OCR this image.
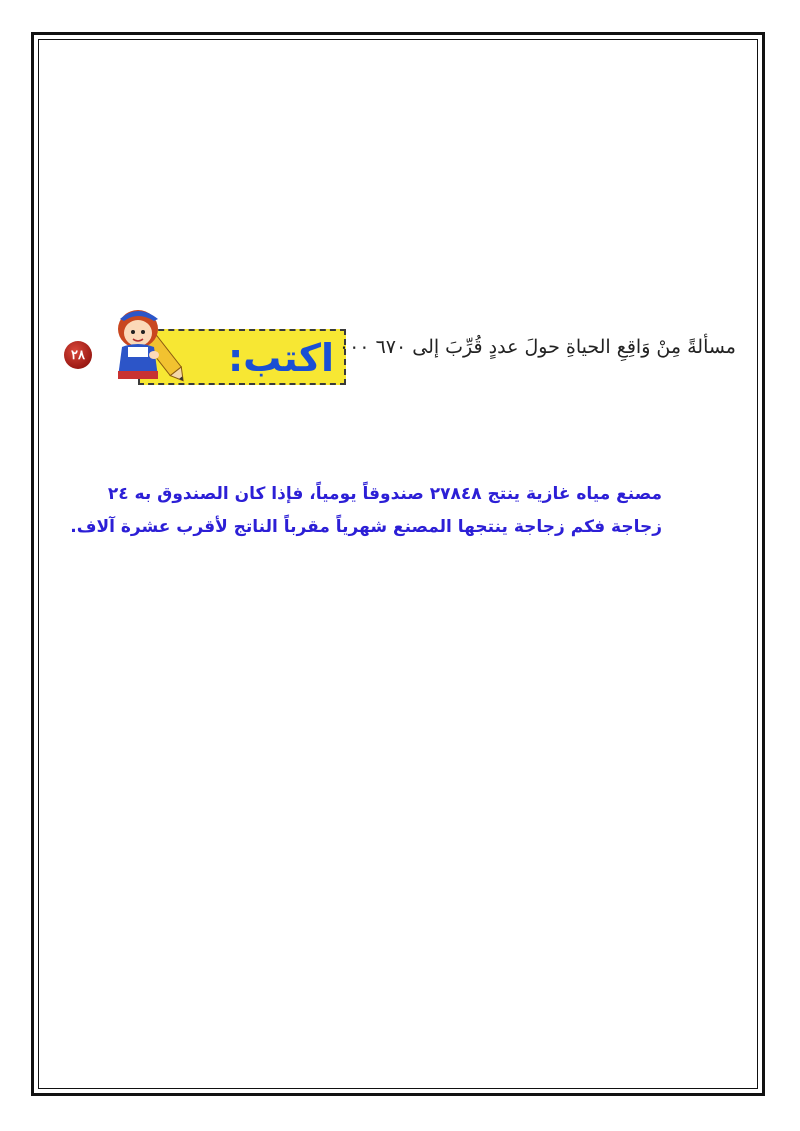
٢٨	اكتب: مسألةً مِنْ وَاقِعِ الحياةِ حولَ عددٍ قُرِّبَ إلى ٦٧٠ ٠٠٠
مصنع مياه غازية ينتج ٢٧٨٤٨ صندوقاً يومياً، فإذا كان الصندوق به ٢٤
زجاجة فكم زجاجة ينتجها المصنع شهرياً مقرباً الناتج لأقرب عشرة آلاف.
